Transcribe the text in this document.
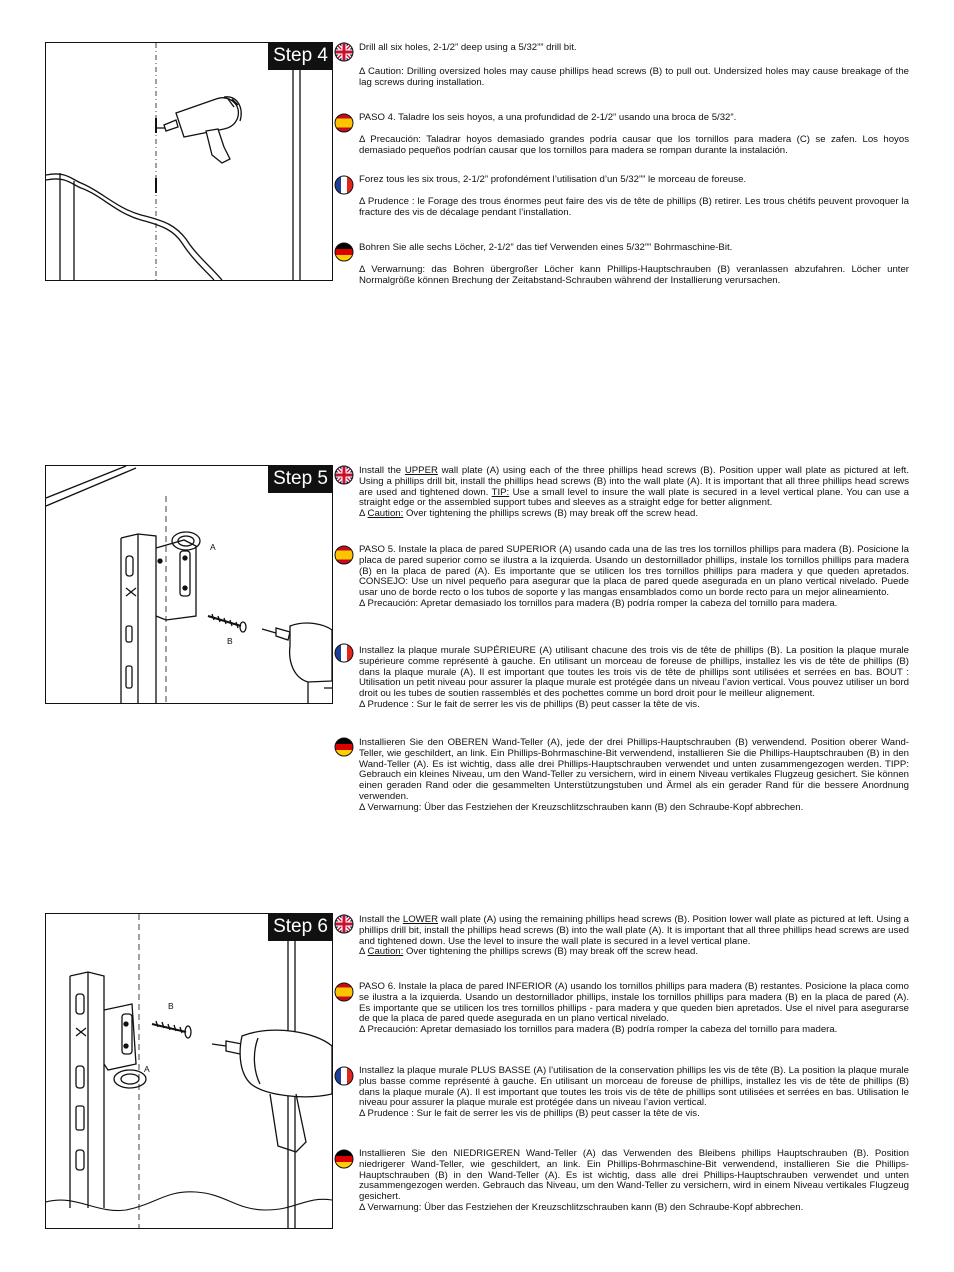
Step 4	Drill all six holes, 2-1/2” deep using a 5/32”” drill bit.

Δ Caution: Drilling oversized holes may cause phillips head screws (B) to pull out. Undersized holes may cause breakage of the lag screws during installation.

PASO 4. Taladre los seis hoyos, a una profundidad de 2-1/2” usando una broca de 5/32”.

Δ Precaución: Taladrar hoyos demasiado grandes podría causar que los tornillos para madera (C) se zafen. Los hoyos demasiado pequeños podrían causar que los tornillos para madera se rompan durante la instalación.

Forez tous les six trous, 2-1/2” profondément l’utilisation d’un 5/32”” le morceau de foreuse.

Δ Prudence : le Forage des trous énormes peut faire des vis de tête de phillips (B) retirer. Les trous chétifs peuvent provoquer la fracture des vis de décalage pendant l’installation.

Bohren Sie alle sechs Löcher, 2-1/2” das tief Verwenden eines 5/32”” Bohrmaschine-Bit.

Δ Verwarnung: das Bohren übergroßer Löcher kann Phillips-Hauptschrauben (B) veranlassen abzufahren. Löcher unter Normalgröße können Brechung der Zeitabstand-Schrauben während der Installierung verursachen.

A
B
Step 5	Install the UPPER wall plate (A) using each of the three phillips head screws (B). Position upper wall plate as pictured at left. Using a phillips drill bit, install the phillips head screws (B) into the wall plate (A). It is important that all three phillips head screws are used and tightened down. TIP: Use a small level to insure the wall plate is secured in a level vertical plane. You can use a straight edge or the assembled support tubes and sleeves as a straight edge for better alignment.
Δ Caution: Over tightening the phillips screws (B) may break off the screw head.

PASO 5. Instale la placa de pared SUPERIOR (A) usando cada una de las tres los tornillos phillips para madera (B). Posicione la placa de pared superior como se ilustra a la izquierda. Usando un destornillador phillips, instale los tornillos phillips para madera (B) en la placa de pared (A). Es importante que se utilicen los tres tornillos phillips para madera y que queden apretados. CONSEJO: Use un nivel pequeño para asegurar que la placa de pared quede asegurada en un plano vertical nivelado. Puede usar uno de borde recto o los tubos de soporte y las mangas ensamblados como un borde recto para un mejor alineamiento.
Δ Precaución: Apretar demasiado los tornillos para madera (B) podría romper la cabeza del tornillo para madera.

Installez la plaque murale SUPÉRIEURE (A) utilisant chacune des trois vis de tête de phillips (B). La position la plaque murale supérieure comme représenté à gauche. En utilisant un morceau de foreuse de phillips, installez les vis de tête de phillips (B) dans la plaque murale (A). Il est important que toutes les trois vis de tête de phillips sont utilisées et serrées en bas. BOUT : Utilisation un petit niveau pour assurer la plaque murale est protégée dans un niveau l’avion vertical. Vous pouvez utiliser un bord droit ou les tubes de soutien rassemblés et des pochettes comme un bord droit pour le meilleur alignement.
Δ Prudence : Sur le fait de serrer les vis de phillips (B) peut casser la tête de vis.

Installieren Sie den OBEREN Wand-Teller (A), jede der drei Phillips-Hauptschrauben (B) verwendend. Position oberer Wand-Teller, wie geschildert, an link. Ein Phillips-Bohrmaschine-Bit verwendend, installieren Sie die Phillips-Hauptschrauben (B) in den Wand-Teller (A). Es ist wichtig, dass alle drei Phillips-Hauptschrauben verwendet und unten zusammengezogen werden. TIPP: Gebrauch ein kleines Niveau, um den Wand-Teller zu versichern, wird in einem Niveau vertikales Flugzeug gesichert. Sie können einen geraden Rand oder die gesammelten Unterstützungstuben und Ärmel als ein gerader Rand für die bessere Anordnung verwenden.
Δ Verwarnung: Über das Festziehen der Kreuzschlitzschrauben kann (B) den Schraube-Kopf abbrechen.

B
A
Step 6	Install the LOWER wall plate (A) using the remaining phillips head screws (B). Position lower wall plate as pictured at left. Using a phillips drill bit, install the phillips head screws (B) into the wall plate (A). It is important that all three phillips head screws are used and tightened down. Use the level to insure the wall plate is secured in a level vertical plane.
Δ Caution: Over tightening the phillips screws (B) may break off the screw head.

PASO 6. Instale la placa de pared INFERIOR (A) usando los tornillos phillips para madera (B) restantes. Posicione la placa como se ilustra a la izquierda. Usando un destornillador phillips, instale los tornillos phillips para madera (B) en la placa de pared (A). Es importante que se utilicen los tres tornillos phillips - para madera y que queden bien apretados. Use el nivel para asegurarse de que la placa de pared quede asegurada en un plano vertical nivelado.
Δ Precaución: Apretar demasiado los tornillos para madera (B) podría romper la cabeza del tornillo para madera.

Installez la plaque murale PLUS BASSE (A) l’utilisation de la conservation phillips les vis de tête (B). La position la plaque murale plus basse comme représenté à gauche. En utilisant un morceau de foreuse de phillips, installez les vis de tête de phillips (B) dans la plaque murale (A). Il est important que toutes les trois vis de tête de phillips sont utilisées et serrées en bas. Utilisation le niveau pour assurer la plaque murale est protégée dans un niveau l’avion vertical.
Δ Prudence : Sur le fait de serrer les vis de phillips (B) peut casser la tête de vis.

Installieren Sie den NIEDRIGEREN Wand-Teller (A) das Verwenden des Bleibens phillips Hauptschrauben (B). Position niedrigerer Wand-Teller, wie geschildert, an link. Ein Phillips-Bohrmaschine-Bit verwendend, installieren Sie die Phillips-Hauptschrauben (B) in den Wand-Teller (A). Es ist wichtig, dass alle drei Phillips-Hauptschrauben verwendet und unten zusammengezogen werden. Gebrauch das Niveau, um den Wand-Teller zu versichern, wird in einem Niveau vertikales Flugzeug gesichert.
Δ Verwarnung: Über das Festziehen der Kreuzschlitzschrauben kann (B) den Schraube-Kopf abbrechen.
